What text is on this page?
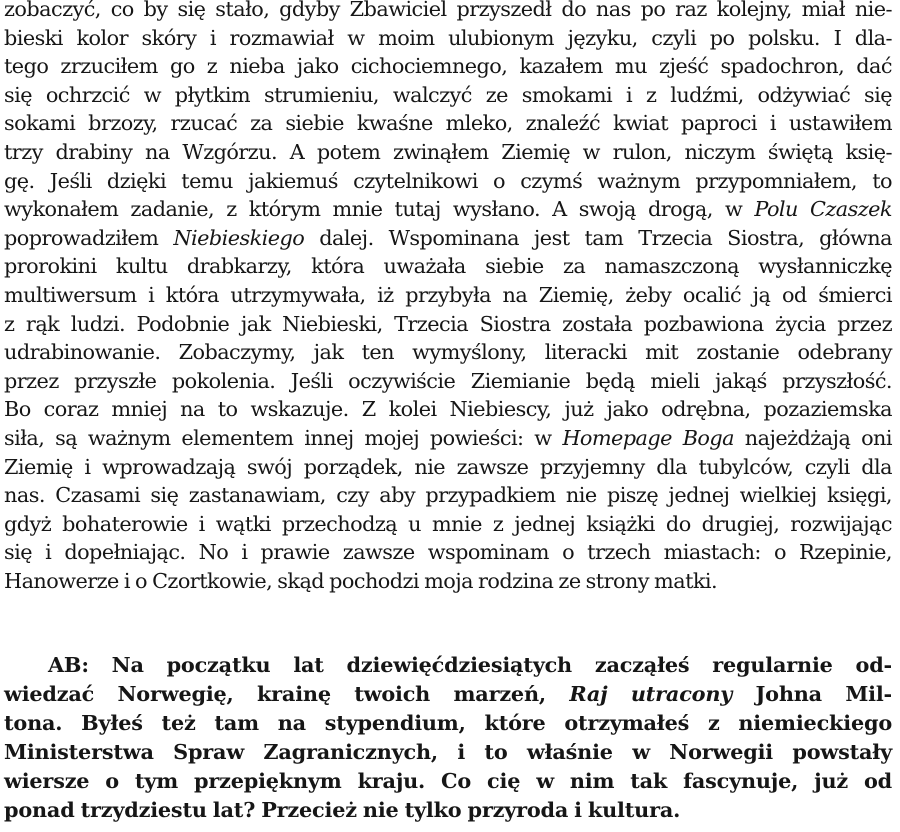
zobaczyć, co by się stało, gdyby Zbawiciel przyszedł do nas po raz kolejny, miał nie-
bieski kolor skóry i rozmawiał w moim ulubionym języku, czyli po polsku. I dla-
tego zrzuciłem go z nieba jako cichociemnego, kazałem mu zjeść spadochron, dać
się ochrzcić w płytkim strumieniu, walczyć ze smokami i z ludźmi, odżywiać się
sokami brzozy, rzucać za siebie kwaśne mleko, znaleźć kwiat paproci i ustawiłem
trzy drabiny na Wzgórzu. A potem zwinąłem Ziemię w rulon, niczym świętą księ-
gę. Jeśli dzięki temu jakiemuś czytelnikowi o czymś ważnym przypomniałem, to
wykonałem zadanie, z którym mnie tutaj wysłano. A swoją drogą, w Polu Czaszek
poprowadziłem Niebieskiego dalej. Wspominana jest tam Trzecia Siostra, główna
prorokini kultu drabkarzy, która uważała siebie za namaszczoną wysłanniczkę
multiwersum i która utrzymywała, iż przybyła na Ziemię, żeby ocalić ją od śmierci
z rąk ludzi. Podobnie jak Niebieski, Trzecia Siostra została pozbawiona życia przez
udrabinowanie. Zobaczymy, jak ten wymyślony, literacki mit zostanie odebrany
przez przyszłe pokolenia. Jeśli oczywiście Ziemianie będą mieli jakąś przyszłość.
Bo coraz mniej na to wskazuje. Z kolei Niebiescy, już jako odrębna, pozaziemska
siła, są ważnym elementem innej mojej powieści: w Homepage Boga najeżdżają oni
Ziemię i wprowadzają swój porządek, nie zawsze przyjemny dla tubylców, czyli dla
nas. Czasami się zastanawiam, czy aby przypadkiem nie piszę jednej wielkiej księgi,
gdyż bohaterowie i wątki przechodzą u mnie z jednej książki do drugiej, rozwijając
się i dopełniając. No i prawie zawsze wspominam o trzech miastach: o Rzepinie,
Hanowerze i o Czortkowie, skąd pochodzi moja rodzina ze strony matki.
AB: Na początku lat dziewięćdziesiątych zacząłeś regularnie od-
wiedzać Norwegię, krainę twoich marzeń, Raj utracony Johna Mil-
tona. Byłeś też tam na stypendium, które otrzymałeś z niemieckiego
Ministerstwa Spraw Zagranicznych, i to właśnie w Norwegii powstały
wiersze o tym przepięknym kraju. Co cię w nim tak fascynuje, już od
ponad trzydziestu lat? Przecież nie tylko przyroda i kultura.
